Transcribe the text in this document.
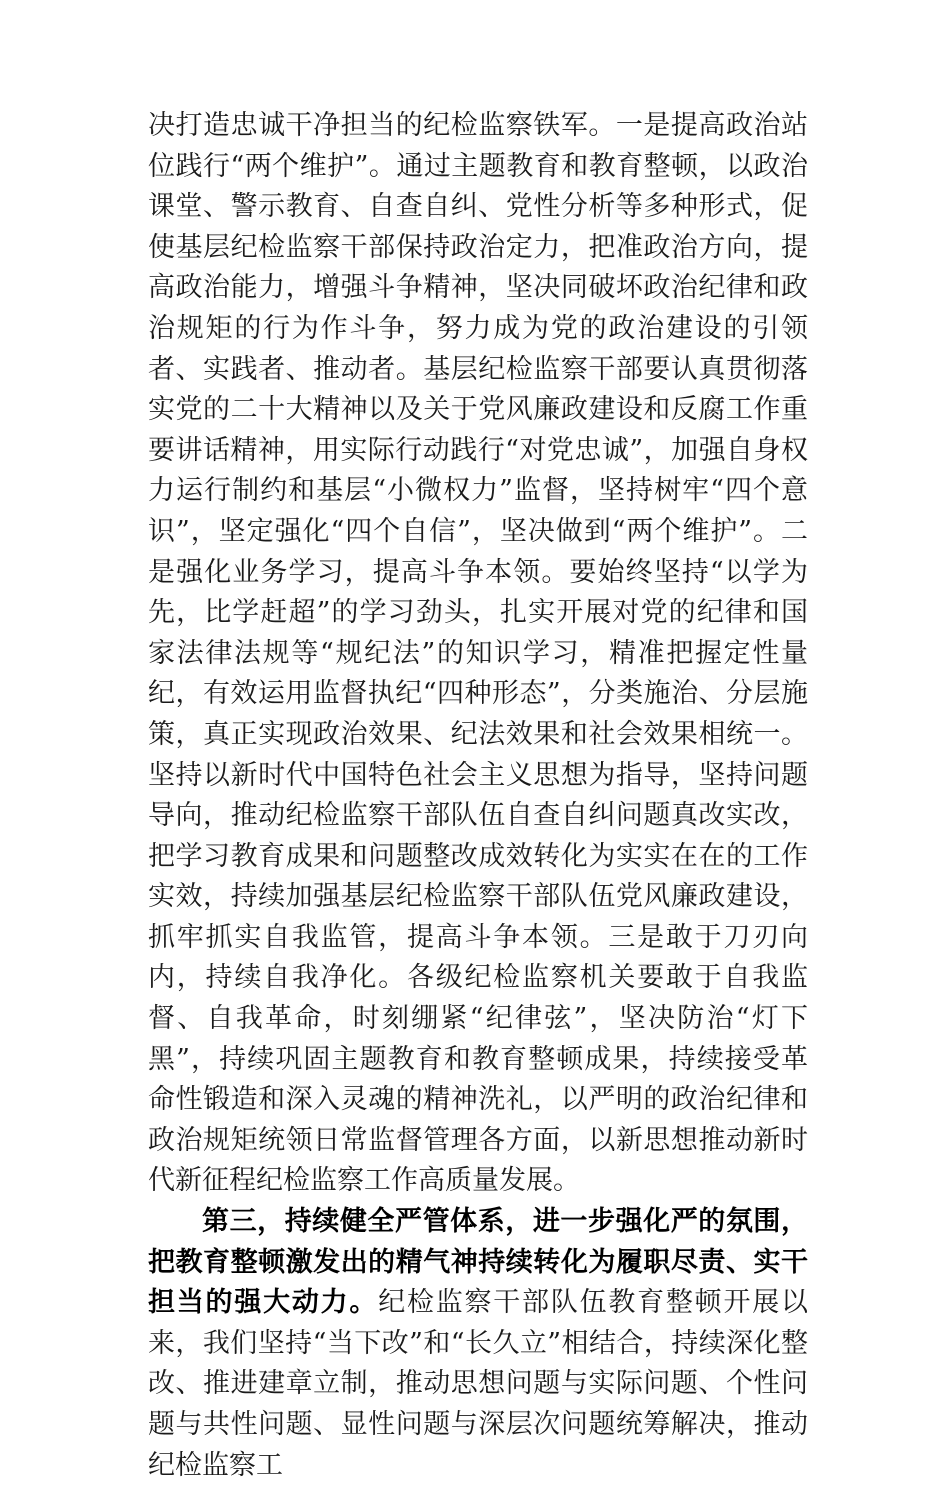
决打造忠诚干净担当的纪检监察铁军。一是提高政治站位践行“两个维护”。通过主题教育和教育整顿，以政治课堂、警示教育、自查自纠、党性分析等多种形式，促使基层纪检监察干部保持政治定力，把准政治方向，提高政治能力，增强斗争精神，坚决同破坏政治纪律和政治规矩的行为作斗争，努力成为党的政治建设的引领者、实践者、推动者。基层纪检监察干部要认真贯彻落实党的二十大精神以及关于党风廉政建设和反腐工作重要讲话精神，用实际行动践行“对党忠诚”，加强自身权力运行制约和基层“小微权力”监督，坚持树牢“四个意识”，坚定强化“四个自信”，坚决做到“两个维护”。二是强化业务学习，提高斗争本领。要始终坚持“以学为先，比学赶超”的学习劲头，扎实开展对党的纪律和国家法律法规等“规纪法”的知识学习，精准把握定性量纪，有效运用监督执纪“四种形态”，分类施治、分层施策，真正实现政治效果、纪法效果和社会效果相统一。坚持以新时代中国特色社会主义思想为指导，坚持问题导向，推动纪检监察干部队伍自查自纠问题真改实改，把学习教育成果和问题整改成效转化为实实在在的工作实效，持续加强基层纪检监察干部队伍党风廉政建设，抓牢抓实自我监管，提高斗争本领。三是敢于刀刃向内，持续自我净化。各级纪检监察机关要敢于自我监督、自我革命，时刻绷紧“纪律弦”，坚决防治“灯下黑”，持续巩固主题教育和教育整顿成果，持续接受革命性锻造和深入灵魂的精神洗礼，以严明的政治纪律和政治规矩统领日常监督管理各方面，以新思想推动新时代新征程纪检监察工作高质量发展。

第三，持续健全严管体系，进一步强化严的氛围，把教育整顿激发出的精气神持续转化为履职尽责、实干担当的强大动力。纪检监察干部队伍教育整顿开展以来，我们坚持“当下改”和“长久立”相结合，持续深化整改、推进建章立制，推动思想问题与实际问题、个性问题与共性问题、显性问题与深层次问题统筹解决，推动纪检监察工
